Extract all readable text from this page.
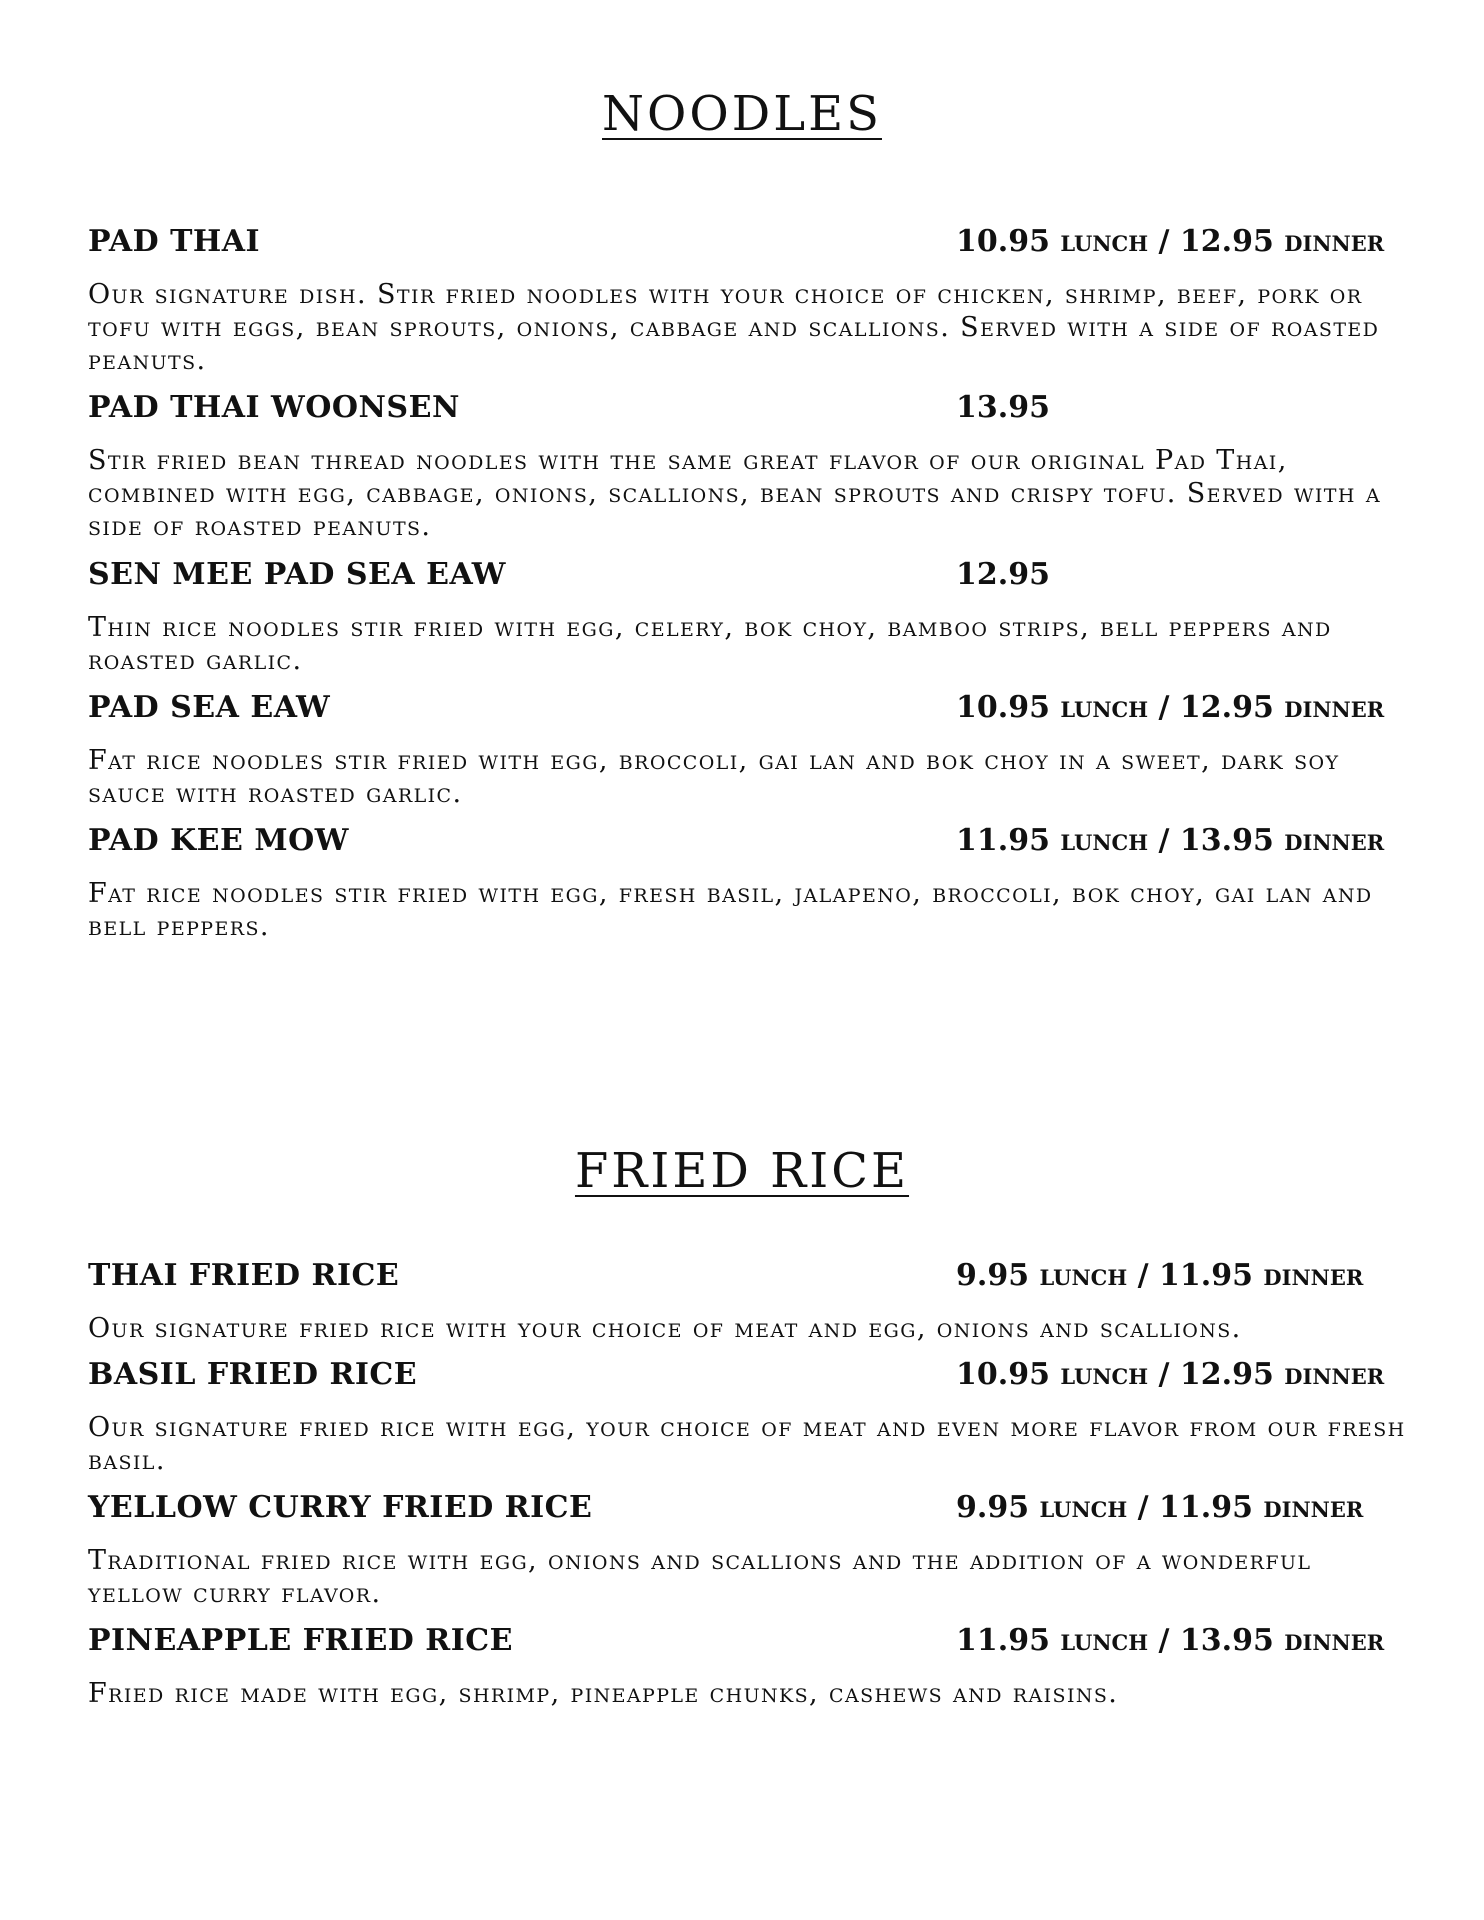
NOODLES
PAD THAI	10.95 lunch / 12.95 dinner

Our signature dish. Stir fried noodles with your choice of chicken, shrimp, beef, pork or tofu with eggs, bean sprouts, onions, cabbage and scallions. Served with a side of roasted peanuts.

PAD THAI WOONSEN	13.95

Stir fried bean thread noodles with the same great flavor of our original Pad Thai, combined with egg, cabbage, onions, scallions, bean sprouts and crispy tofu. Served with a side of roasted peanuts.

SEN MEE PAD SEA EAW	12.95

Thin rice noodles stir fried with egg, celery, bok choy, bamboo strips, bell peppers and roasted garlic.

PAD SEA EAW	10.95 lunch / 12.95 dinner

Fat rice noodles stir fried with egg, broccoli, gai lan and bok choy in a sweet, dark soy sauce with roasted garlic.

PAD KEE MOW	11.95 lunch / 13.95 dinner

Fat rice noodles stir fried with egg, fresh basil, jalapeno, broccoli, bok choy, gai lan and bell peppers.

FRIED RICE
THAI FRIED RICE	9.95 lunch / 11.95 dinner

Our signature fried rice with your choice of meat and egg, onions and scallions.

BASIL FRIED RICE	10.95 lunch / 12.95 dinner

Our signature fried rice with egg, your choice of meat and even more flavor from our fresh basil.

YELLOW CURRY FRIED RICE	9.95 lunch / 11.95 dinner

Traditional fried rice with egg, onions and scallions and the addition of a wonderful yellow curry flavor.

PINEAPPLE FRIED RICE	11.95 lunch / 13.95 dinner

Fried rice made with egg, shrimp, pineapple chunks, cashews and raisins.
